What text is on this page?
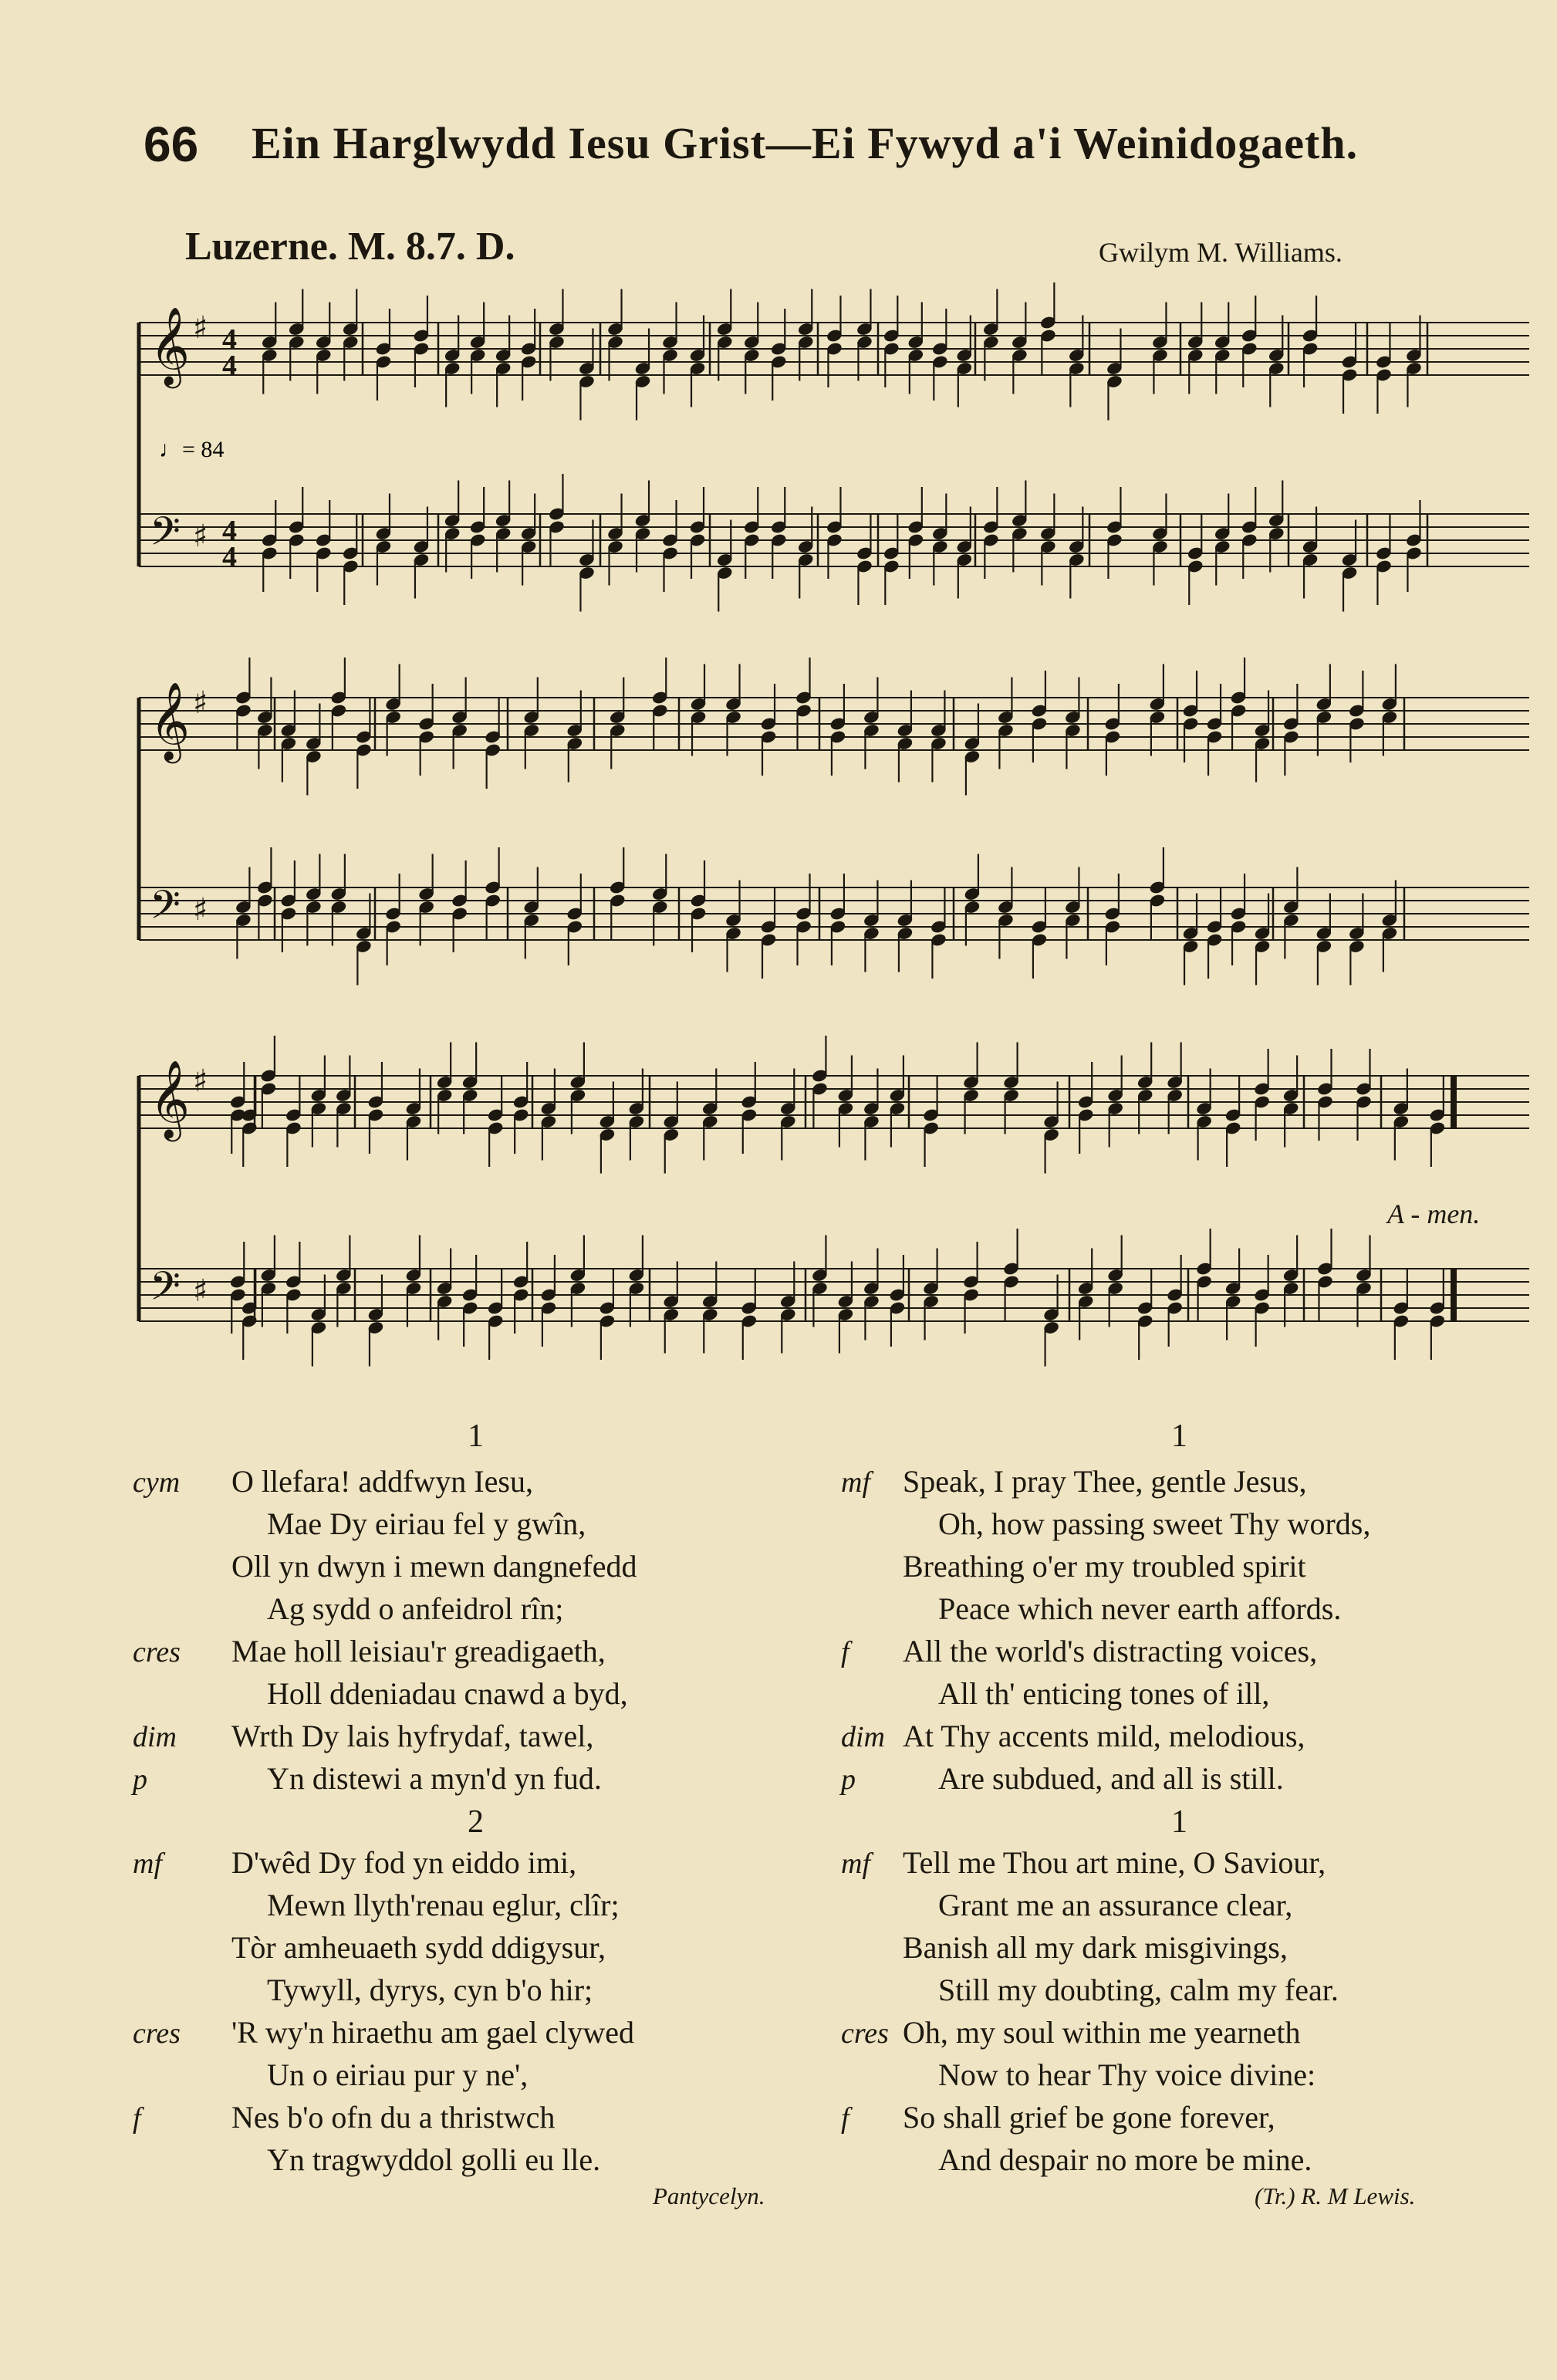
66 Ein Harglwydd Iesu Grist—Ei Fywyd a'i Weinidogaeth.
Luzerne. M. 8.7. D.	Gwilym M. Williams.
𝄞 ♯ 4
4
𝄢 ♯ 4
4
𝄞 ♯
𝄢 ♯
𝄞 ♯
𝄢 ♯
♩= 84
A - men.
1
2
Pantycelyn.
O llefara! addfwyn Iesu,
cym
Mae Dy eiriau fel y gwîn,
Oll yn dwyn i mewn dangnefedd
Ag sydd o anfeidrol rîn;
Mae holl leisiau'r greadigaeth,
cres
Holl ddeniadau cnawd a byd,
Wrth Dy lais hyfrydaf, tawel,
dim
Yn distewi a myn'd yn fud.
p
D'wêd Dy fod yn eiddo imi,
mf
Mewn llyth'renau eglur, clîr;
Tòr amheuaeth sydd ddigysur,
Tywyll, dyrys, cyn b'o hir;
'R wy'n hiraethu am gael clywed
cres
Un o eiriau pur y ne',
Nes b'o ofn du a thristwch
f
Yn tragwyddol golli eu lle.
1
1
(Tr.) R. M Lewis.
Speak, I pray Thee, gentle Jesus,
mf
Oh, how passing sweet Thy words,
Breathing o'er my troubled spirit
Peace which never earth affords.
All the world's distracting voices,
f
All th' enticing tones of ill,
At Thy accents mild, melodious,
dim
Are subdued, and all is still.
p
Tell me Thou art mine, O Saviour,
mf
Grant me an assurance clear,
Banish all my dark misgivings,
Still my doubting, calm my fear.
Oh, my soul within me yearneth
cres
Now to hear Thy voice divine:
So shall grief be gone forever,
f
And despair no more be mine.
